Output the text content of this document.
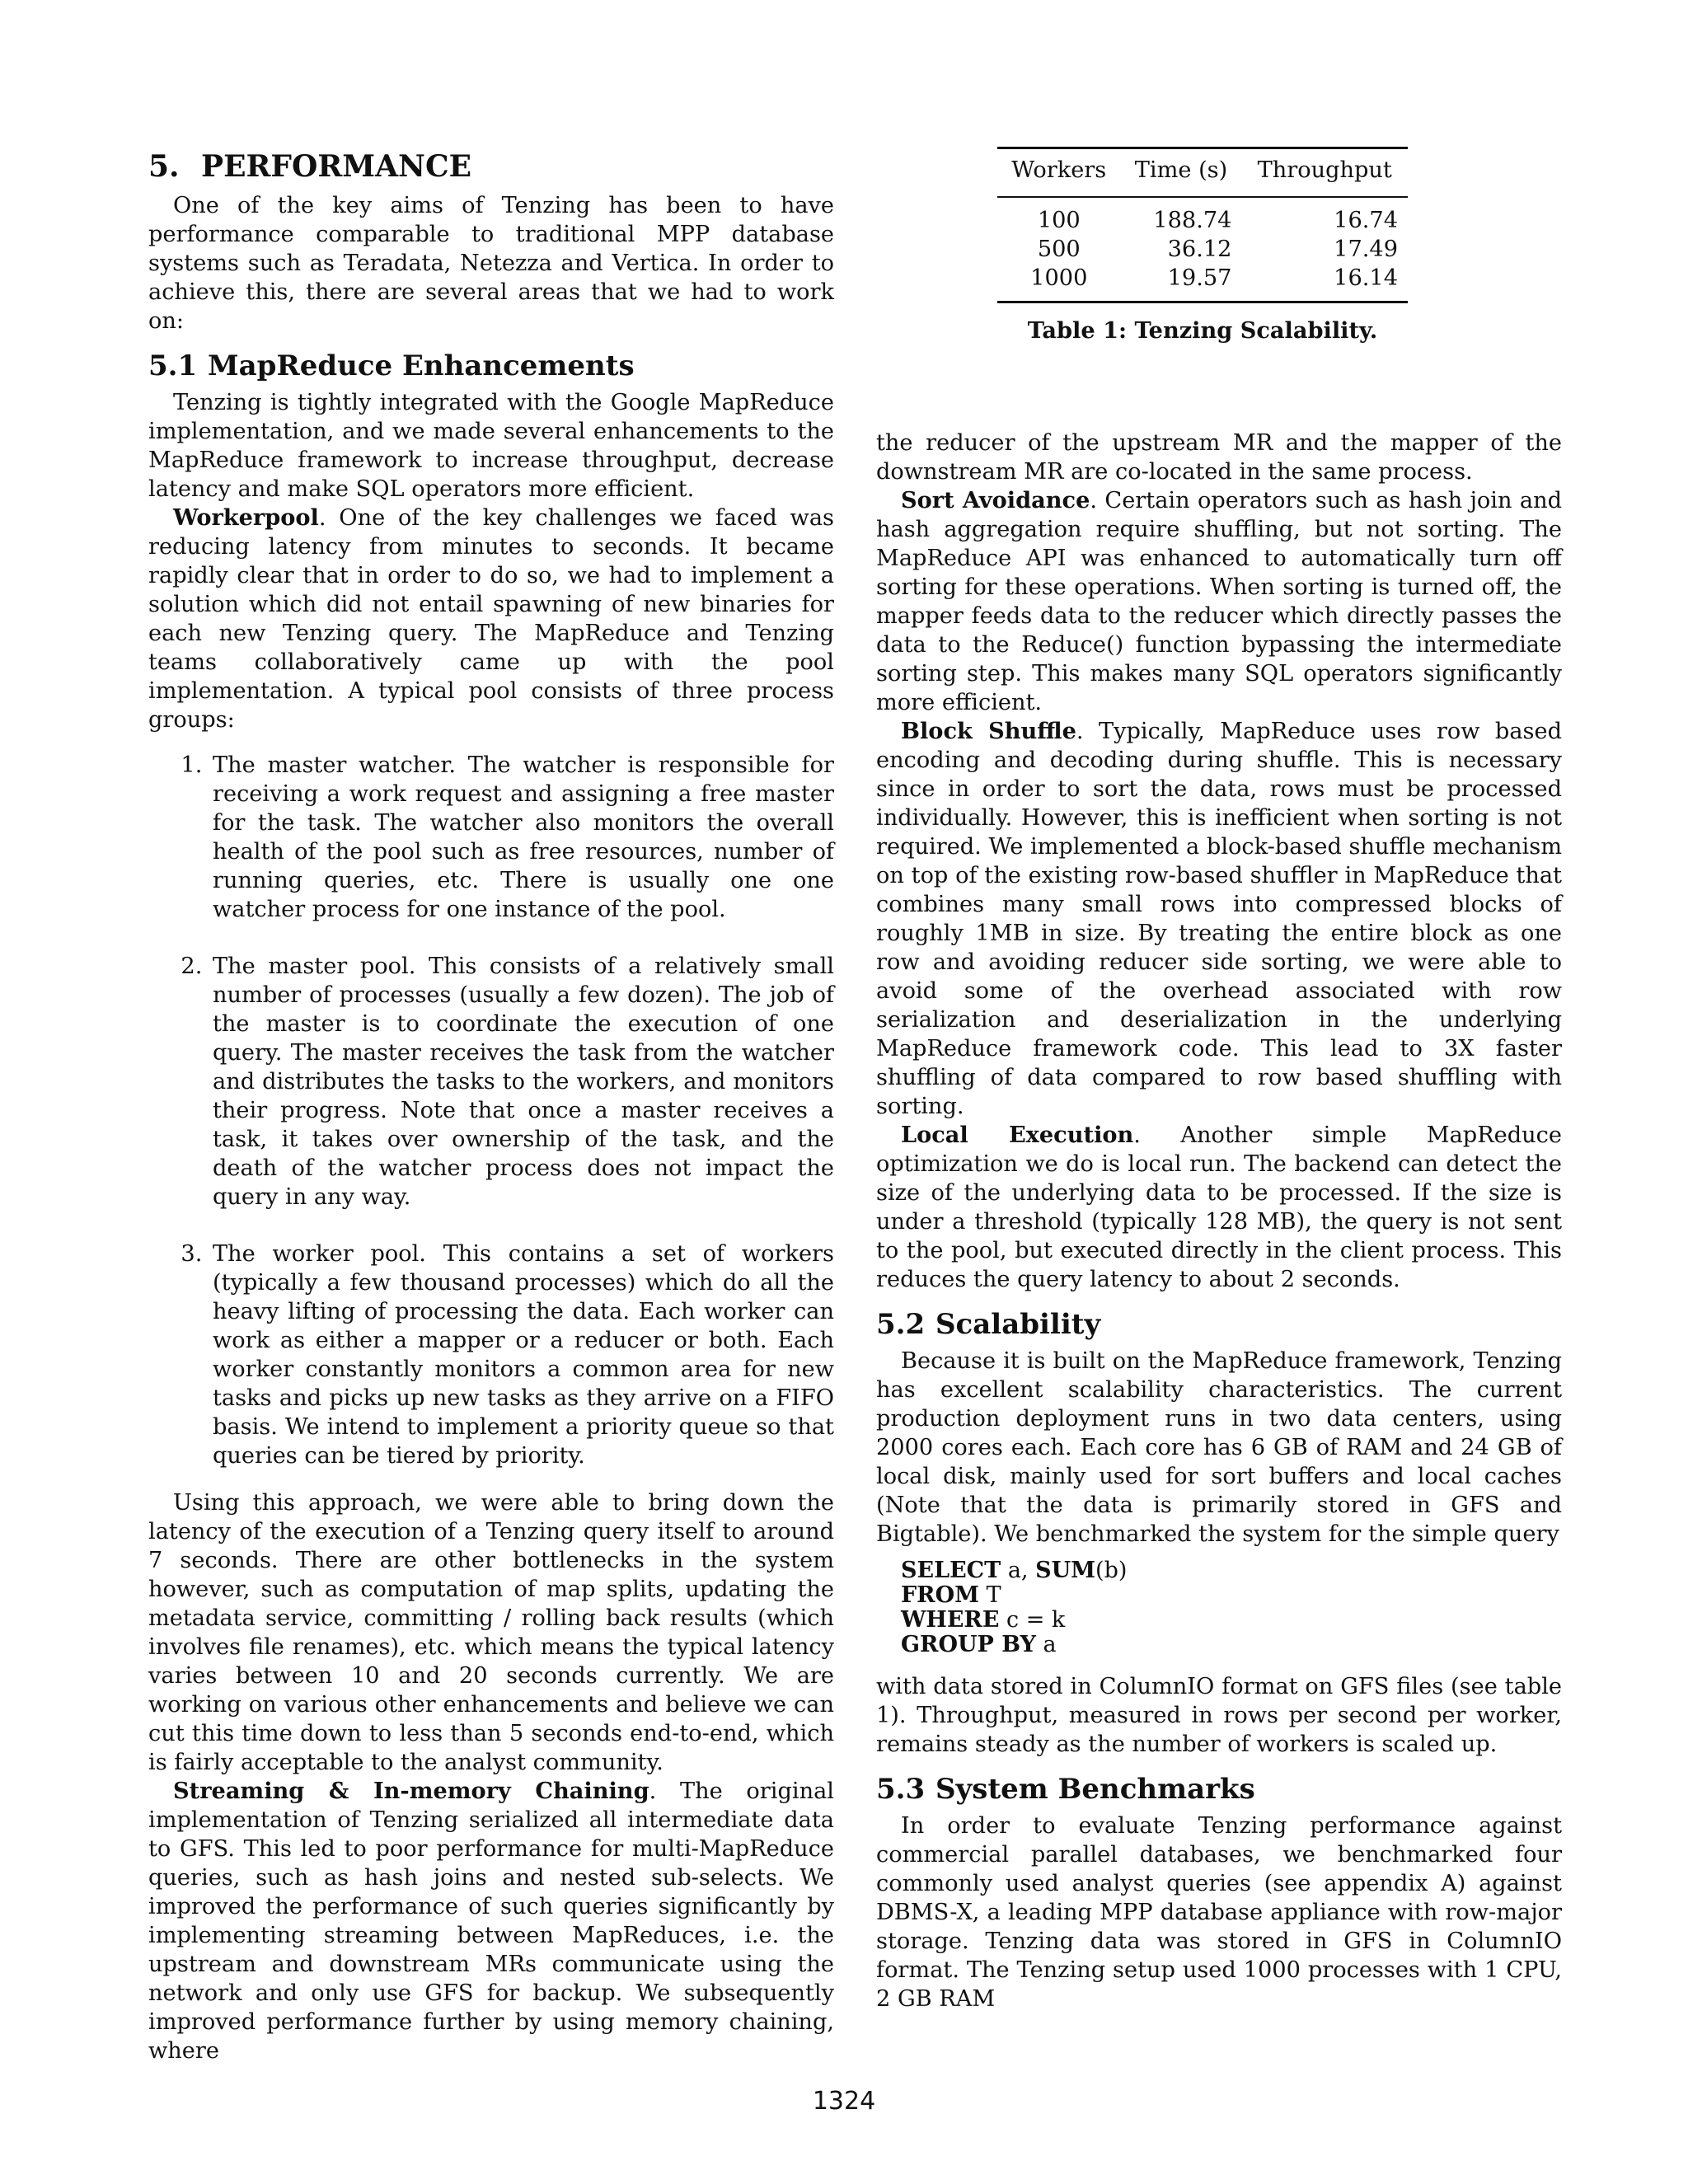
5. PERFORMANCE

One of the key aims of Tenzing has been to have performance comparable to traditional MPP database systems such as Teradata, Netezza and Vertica. In order to achieve this, there are several areas that we had to work on:

5.1 MapReduce Enhancements

Tenzing is tightly integrated with the Google MapReduce implementation, and we made several enhancements to the MapReduce framework to increase throughput, decrease latency and make SQL operators more efficient.

Workerpool. One of the key challenges we faced was reducing latency from minutes to seconds. It became rapidly clear that in order to do so, we had to implement a solution which did not entail spawning of new binaries for each new Tenzing query. The MapReduce and Tenzing teams collaboratively came up with the pool implementation. A typical pool consists of three process groups:

1. The master watcher. The watcher is responsible for receiving a work request and assigning a free master for the task. The watcher also monitors the overall health of the pool such as free resources, number of running queries, etc. There is usually one one watcher process for one instance of the pool.
2. The master pool. This consists of a relatively small number of processes (usually a few dozen). The job of the master is to coordinate the execution of one query. The master receives the task from the watcher and distributes the tasks to the workers, and monitors their progress. Note that once a master receives a task, it takes over ownership of the task, and the death of the watcher process does not impact the query in any way.
3. The worker pool. This contains a set of workers (typically a few thousand processes) which do all the heavy lifting of processing the data. Each worker can work as either a mapper or a reducer or both. Each worker constantly monitors a common area for new tasks and picks up new tasks as they arrive on a FIFO basis. We intend to implement a priority queue so that queries can be tiered by priority.

Using this approach, we were able to bring down the latency of the execution of a Tenzing query itself to around 7 seconds. There are other bottlenecks in the system however, such as computation of map splits, updating the metadata service, committing / rolling back results (which involves file renames), etc. which means the typical latency varies between 10 and 20 seconds currently. We are working on various other enhancements and believe we can cut this time down to less than 5 seconds end-to-end, which is fairly acceptable to the analyst community.

Streaming & In-memory Chaining. The original implementation of Tenzing serialized all intermediate data to GFS. This led to poor performance for multi-MapReduce queries, such as hash joins and nested sub-selects. We improved the performance of such queries significantly by implementing streaming between MapReduces, i.e. the upstream and downstream MRs communicate using the network and only use GFS for backup. We subsequently improved performance further by using memory chaining, where

Workers	Time (s)	Throughput
100	188.74	16.74
500	36.12	17.49
1000	19.57	16.14
Table 1: Tenzing Scalability.

the reducer of the upstream MR and the mapper of the downstream MR are co-located in the same process.

Sort Avoidance. Certain operators such as hash join and hash aggregation require shuffling, but not sorting. The MapReduce API was enhanced to automatically turn off sorting for these operations. When sorting is turned off, the mapper feeds data to the reducer which directly passes the data to the Reduce() function bypassing the intermediate sorting step. This makes many SQL operators significantly more efficient.

Block Shuffle. Typically, MapReduce uses row based encoding and decoding during shuffle. This is necessary since in order to sort the data, rows must be processed individually. However, this is inefficient when sorting is not required. We implemented a block-based shuffle mechanism on top of the existing row-based shuffler in MapReduce that combines many small rows into compressed blocks of roughly 1MB in size. By treating the entire block as one row and avoiding reducer side sorting, we were able to avoid some of the overhead associated with row serialization and deserialization in the underlying MapReduce framework code. This lead to 3X faster shuffling of data compared to row based shuffling with sorting.

Local Execution. Another simple MapReduce optimization we do is local run. The backend can detect the size of the underlying data to be processed. If the size is under a threshold (typically 128 MB), the query is not sent to the pool, but executed directly in the client process. This reduces the query latency to about 2 seconds.

5.2 Scalability

Because it is built on the MapReduce framework, Tenzing has excellent scalability characteristics. The current production deployment runs in two data centers, using 2000 cores each. Each core has 6 GB of RAM and 24 GB of local disk, mainly used for sort buffers and local caches (Note that the data is primarily stored in GFS and Bigtable). We benchmarked the system for the simple query

SELECT a, SUM(b)
FROM T
WHERE c = k
GROUP BY a

with data stored in ColumnIO format on GFS files (see table 1). Throughput, measured in rows per second per worker, remains steady as the number of workers is scaled up.

5.3 System Benchmarks

In order to evaluate Tenzing performance against commercial parallel databases, we benchmarked four commonly used analyst queries (see appendix A) against DBMS-X, a leading MPP database appliance with row-major storage. Tenzing data was stored in GFS in ColumnIO format. The Tenzing setup used 1000 processes with 1 CPU, 2 GB RAM

1324
